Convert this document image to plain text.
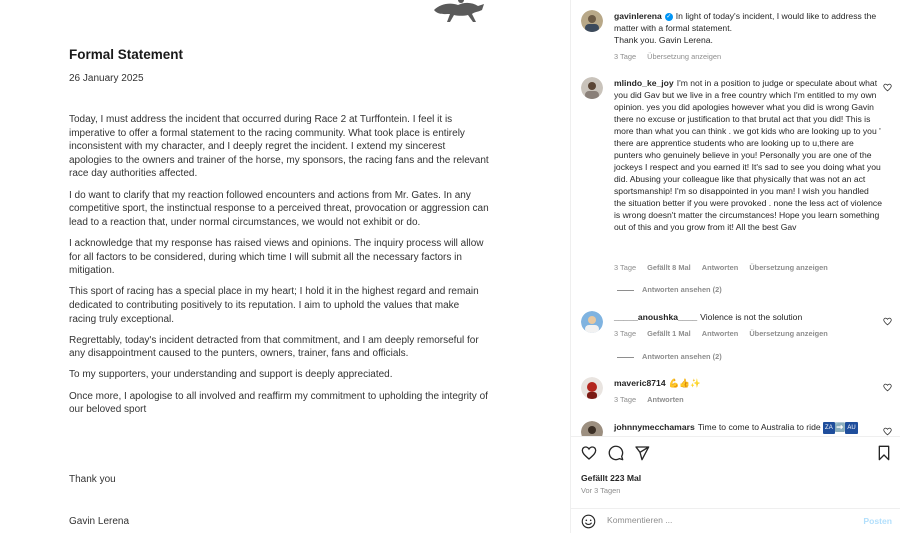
Formal Statement
26 January 2025

Today, I must address the incident that occurred during Race 2 at Turffontein. I feel it is imperative to offer a formal statement to the racing community. What took place is entirely inconsistent with my character, and I deeply regret the incident. I extend my sincerest apologies to the owners and trainer of the horse, my sponsors, the racing fans and the relevant race day authorities affected.

I do want to clarify that my reaction followed encounters and actions from Mr. Gates. In any competitive sport, the instinctual response to a perceived threat, provocation or aggression can lead to a reaction that, under normal circumstances, we would not exhibit or do.

I acknowledge that my response has raised views and opinions. The inquiry process will allow for all factors to be considered, during which time I will submit all the necessary factors in mitigation.

This sport of racing has a special place in my heart; I hold it in the highest regard and remain dedicated to contributing positively to its reputation. I aim to uphold the values that make racing truly exceptional.

Regrettably, today's incident detracted from that commitment, and I am deeply remorseful for any disappointment caused to the punters, owners, trainer, fans and officials.

To my supporters, your understanding and support is deeply appreciated.

Once more, I apologise to all involved and reaffirm my commitment to upholding the integrity of our beloved sport

Thank you
Gavin Lerena
gavinlerena ✓ In light of today's incident, I would like to address the matter with a formal statement.
Thank you. Gavin Lerena.
3 Tage Übersetzung anzeigen
mlindo_ke_joy I'm not in a position to judge or speculate about what you did Gav but we live in a free country which I'm entitled to my own opinion. yes you did apologies however what you did is wrong Gavin there no excuse or justification to that brutal act that you did! This is more than what you can think . we got kids who are looking up to you ' there are apprentice students who are looking up to u,there are punters who genuinely believe in you! Personally you are one of the jockeys I respect and you earned it! It's sad to see you doing what you did. Abusing your colleague like that physically that was not an act sportsmanship! I'm so disappointed in you man! I wish you handled the situation better if you were provoked . none the less act of violence is wrong doesn't matter the circumstances! Hope you learn something out of this and you grow from it! All the best Gav
3 Tage Gefällt 8 Mal Antworten Übersetzung anzeigen
Antworten ansehen (2)
_____anoushka____ Violence is not the solution
3 Tage Gefällt 1 Mal Antworten Übersetzung anzeigen
Antworten ansehen (2)
maveric8714 💪👍✨
3 Tage Antworten
johnnymecchamars Time to come to Australia to ride ZA ➡️ AU
Gefällt 223 Mal
Vor 3 Tagen
Kommentieren ...
Posten
